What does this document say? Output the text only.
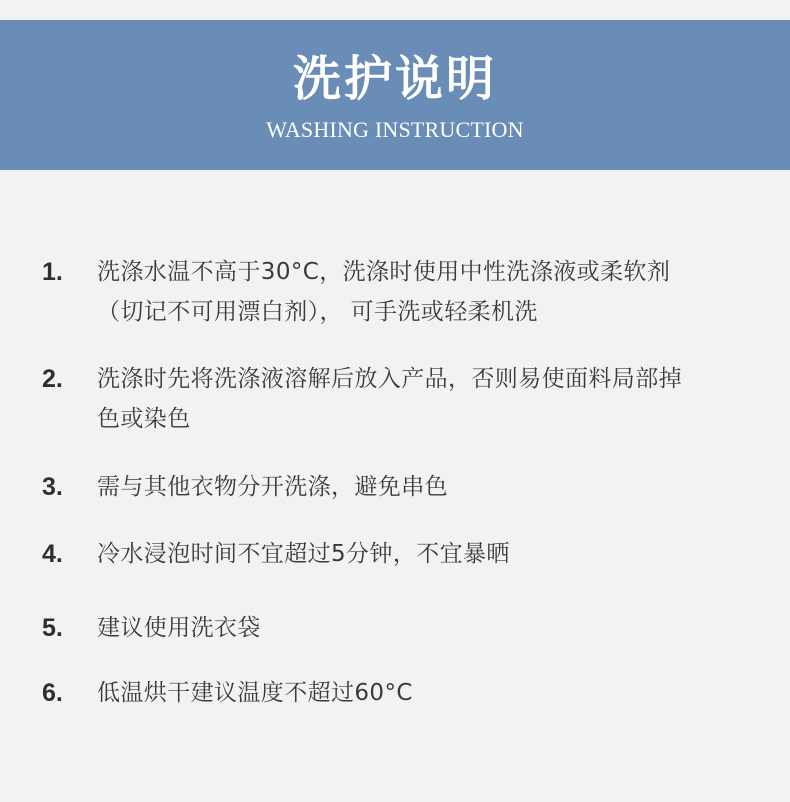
洗护说明
WASHING INSTRUCTION
1.	洗涤水温不高于30°C，洗涤时使用中性洗涤液或柔软剂
（切记不可用漂白剂）， 可手洗或轻柔机洗
2.	洗涤时先将洗涤液溶解后放入产品，否则易使面料局部掉
色或染色
3.	需与其他衣物分开洗涤，避免串色
4.	冷水浸泡时间不宜超过5分钟，不宜暴晒
5.	建议使用洗衣袋
6.	低温烘干建议温度不超过60°C
